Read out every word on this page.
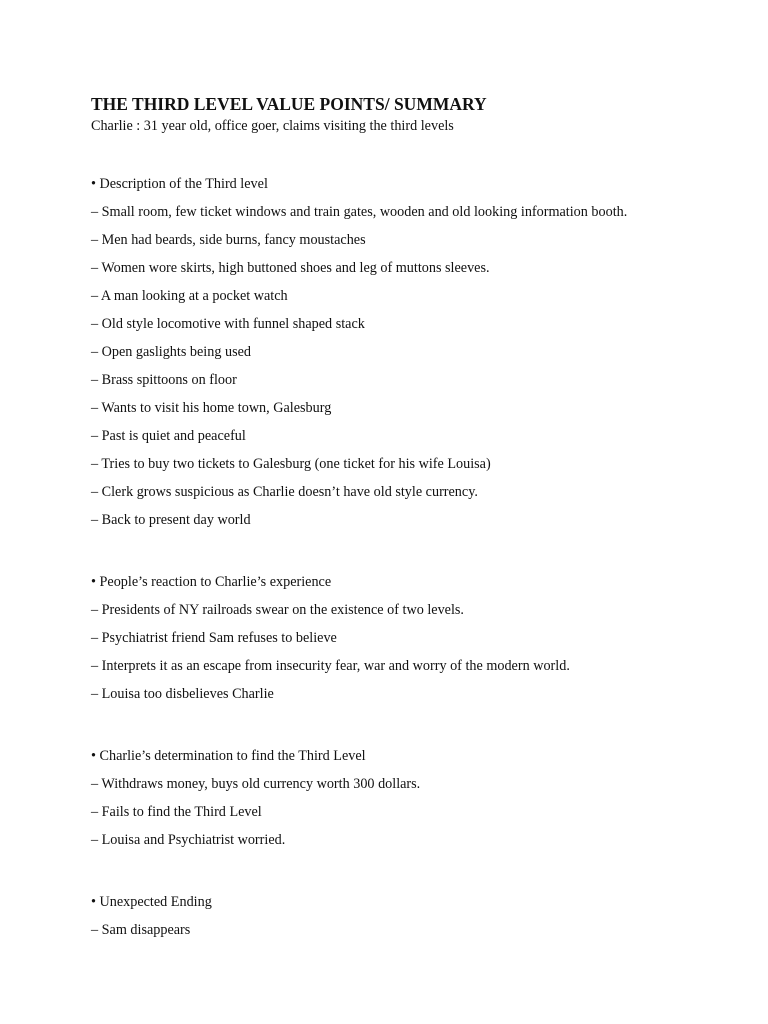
THE THIRD LEVEL VALUE POINTS/ SUMMARY
Charlie : 31 year old, office goer, claims visiting the third levels
• Description of the Third level
– Small room, few ticket windows and train gates, wooden and old looking information booth.
– Men had beards, side burns, fancy moustaches
– Women wore skirts, high buttoned shoes and leg of muttons sleeves.
– A man looking at a pocket watch
– Old style locomotive with funnel shaped stack
– Open gaslights being used
– Brass spittoons on floor
– Wants to visit his home town, Galesburg
– Past is quiet and peaceful
– Tries to buy two tickets to Galesburg (one ticket for his wife Louisa)
– Clerk grows suspicious as Charlie doesn’t have old style currency.
– Back to present day world
• People’s reaction to Charlie’s experience
– Presidents of NY railroads swear on the existence of two levels.
– Psychiatrist friend Sam refuses to believe
– Interprets it as an escape from insecurity fear, war and worry of the modern world.
– Louisa too disbelieves Charlie
• Charlie’s determination to find the Third Level
– Withdraws money, buys old currency worth 300 dollars.
– Fails to find the Third Level
– Louisa and Psychiatrist worried.
• Unexpected Ending
– Sam disappears
